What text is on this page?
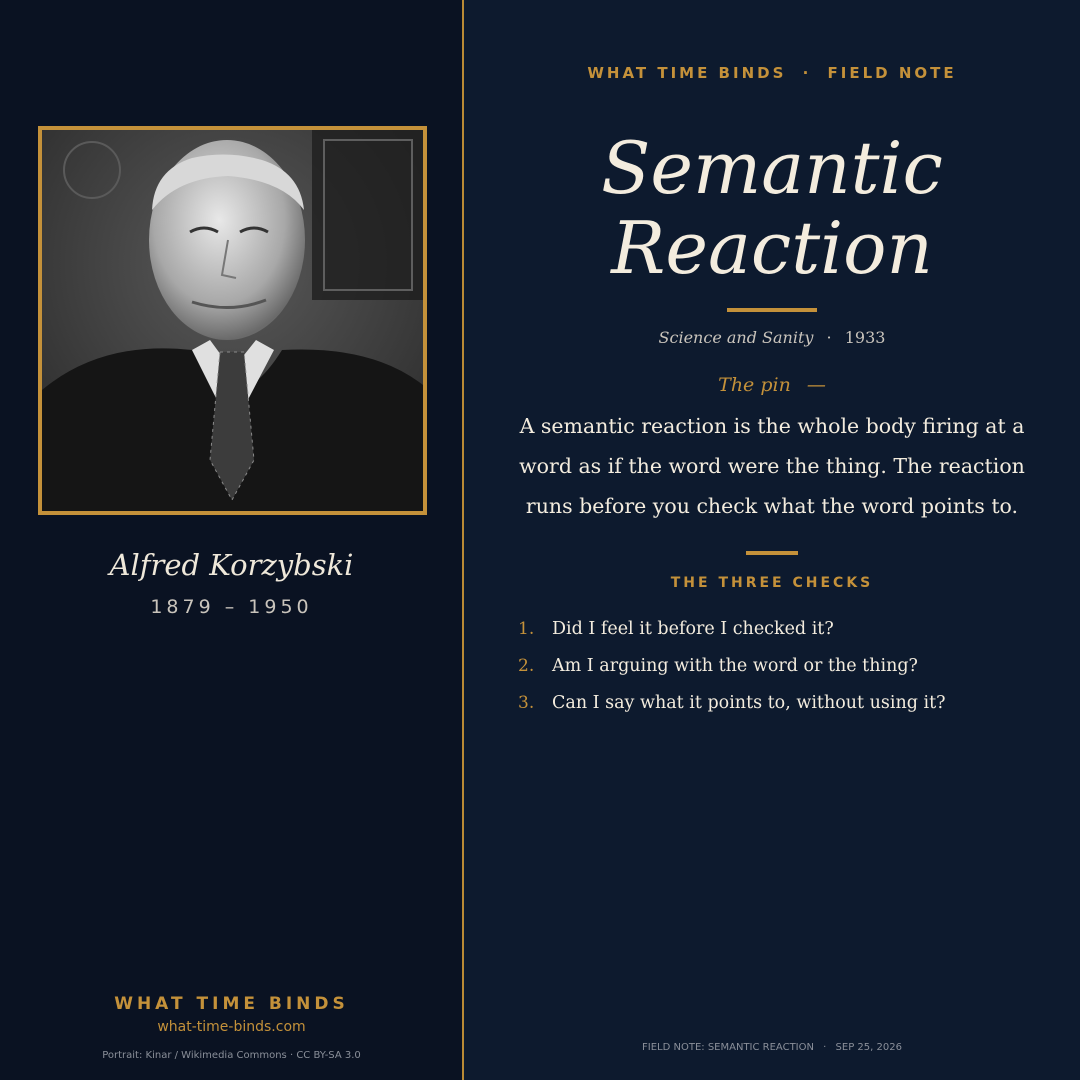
Alfred Korzybski
1879 – 1950
WHAT TIME BINDS
what-time-binds.com
Portrait: Kinar / Wikimedia Commons · CC BY-SA 3.0
WHAT TIME BINDS · FIELD NOTE
Semantic
Reaction
Science and Sanity · 1933
The pin —
A semantic reaction is the whole body firing at a word as if the word were the thing. The reaction runs before you check what the word points to.
THE THREE CHECKS
1.	Did I feel it before I checked it?
2.	Am I arguing with the word or the thing?
3.	Can I say what it points to, without using it?
FIELD NOTE: SEMANTIC REACTION · SEP 25, 2026
